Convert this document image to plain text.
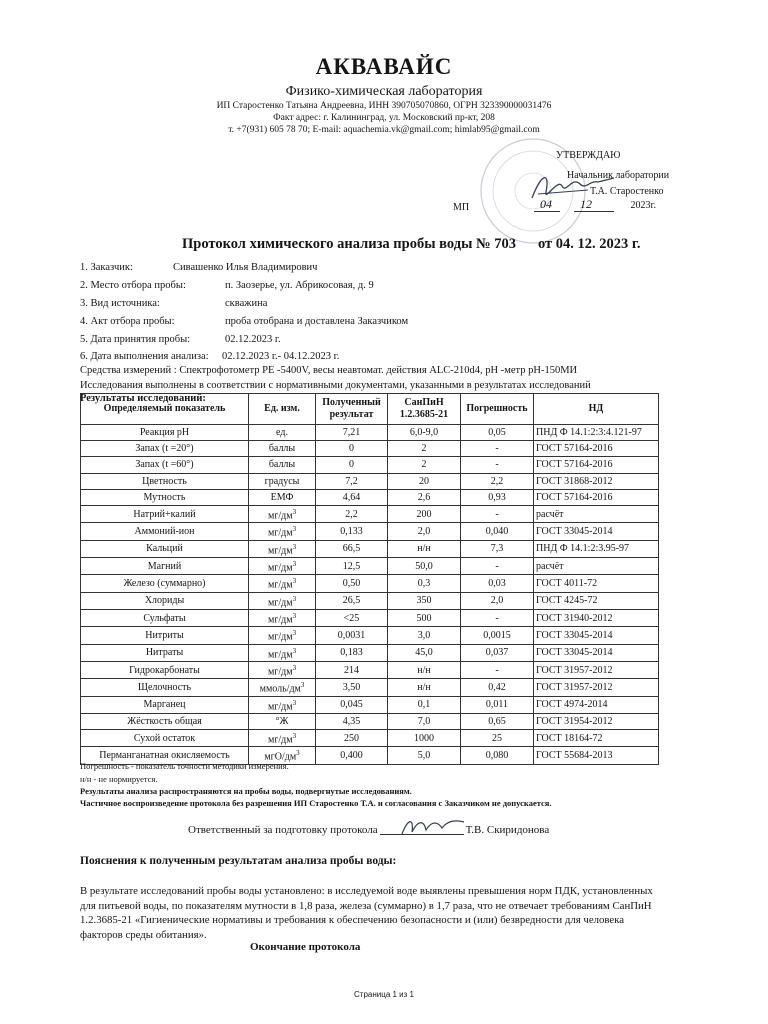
АКВАВАЙС
Физико-химическая лаборатория
ИП Старостенко Татьяна Андреевна, ИНН 390705070860, ОГРН 323390000031476
Факт адрес: г. Калининград, ул. Московский пр-кт, 208
т. +7(931) 605 78 70; E-mail: aquachemia.vk@gmail.com; himlab95@gmail.com
УТВЕРЖДАЮ
Начальник лаборатории
Т.А. Старостенко
МП	04 12	2023г.
Протокол химического анализа пробы воды № 703 от 04. 12. 2023 г.
1. Заказчик:	Сивашенко Илья Владимирович
2. Место отбора пробы:	п. Заозерье, ул. Абрикосовая, д. 9
3. Вид источника:	скважина
4. Акт отбора пробы:	проба отобрана и доставлена Заказчиком
5. Дата принятия пробы:	02.12.2023 г.
6. Дата выполнения анализа: 02.12.2023 г.- 04.12.2023 г.
Средства измерений : Спектрофотометр PE -5400V, весы неавтомат. действия ALC-210d4, pH -метр pH-150МИ
Исследования выполнены в соответствии с нормативными документами, указанными в результатах исследований
Результаты исследований:
Определяемый показатель	Ед. изм.	Полученный результат	СанПиН 1.2.3685-21	Погрешность	НД
Реакция рН	ед.	7,21	6,0-9,0	0,05	ПНД Ф 14.1:2:3:4.121-97
Запах (t =20°)	баллы	0	2	-	ГОСТ 57164-2016
Запах (t =60°)	баллы	0	2	-	ГОСТ 57164-2016
Цветность	градусы	7,2	20	2,2	ГОСТ 31868-2012
Мутность	ЕМФ	4,64	2,6	0,93	ГОСТ 57164-2016
Натрий+калий	$мг/дм^3$	2,2	200	-	расчёт
Аммоний-ион	$мг/дм^3$	0,133	2,0	0,040	ГОСТ 33045-2014
Кальций	$мг/дм^3$	66,5	н/н	7,3	ПНД Ф 14.1:2:3.95-97
Магний	$мг/дм^3$	12,5	50,0	-	расчёт
Железо (суммарно)	$мг/дм^3$	0,50	0,3	0,03	ГОСТ 4011-72
Хлориды	$мг/дм^3$	26,5	350	2,0	ГОСТ 4245-72
Сульфаты	$мг/дм^3$	<25	500	-	ГОСТ 31940-2012
Нитриты	$мг/дм^3$	0,0031	3,0	0,0015	ГОСТ 33045-2014
Нитраты	$мг/дм^3$	0,183	45,0	0,037	ГОСТ 33045-2014
Гидрокарбонаты	$мг/дм^3$	214	н/н	-	ГОСТ 31957-2012
Щелочность	ммоль/$дм^3$	3,50	н/н	0,42	ГОСТ 31957-2012
Марганец	$мг/дм^3$	0,045	0,1	0,011	ГОСТ 4974-2014
Жёсткость общая	°Ж	4,35	7,0	0,65	ГОСТ 31954-2012
Сухой остаток	$мг/дм^3$	250	1000	25	ГОСТ 18164-72
Перманганатная окисляемость	мгО/$дм^3$	0,400	5,0	0,080	ГОСТ 55684-2013
Погрешность - показатель точности методики измерения.
н/н - не нормируется.
Результаты анализа распространяются на пробы воды, подвергнутые исследованиям.
Частичное воспроизведение протокола без разрешения ИП Старостенко Т.А. и согласования с Заказчиком не допускается.
Ответственный за подготовку протокола	Т.В. Скиридонова
Пояснения к полученным результатам анализа пробы воды:
В результате исследований пробы воды установлено: в исследуемой воде выявлены превышения норм ПДК, установленных для питьевой воды, по показателям мутности в 1,8 раза, железа (суммарно) в 1,7 раза, что не отвечает требованиям СанПиН 1.2.3685-21 «Гигиенические нормативы и требования к обеспечению безопасности и (или) безвредности для человека факторов среды обитания».
Окончание протокола
Страница 1 из 1
